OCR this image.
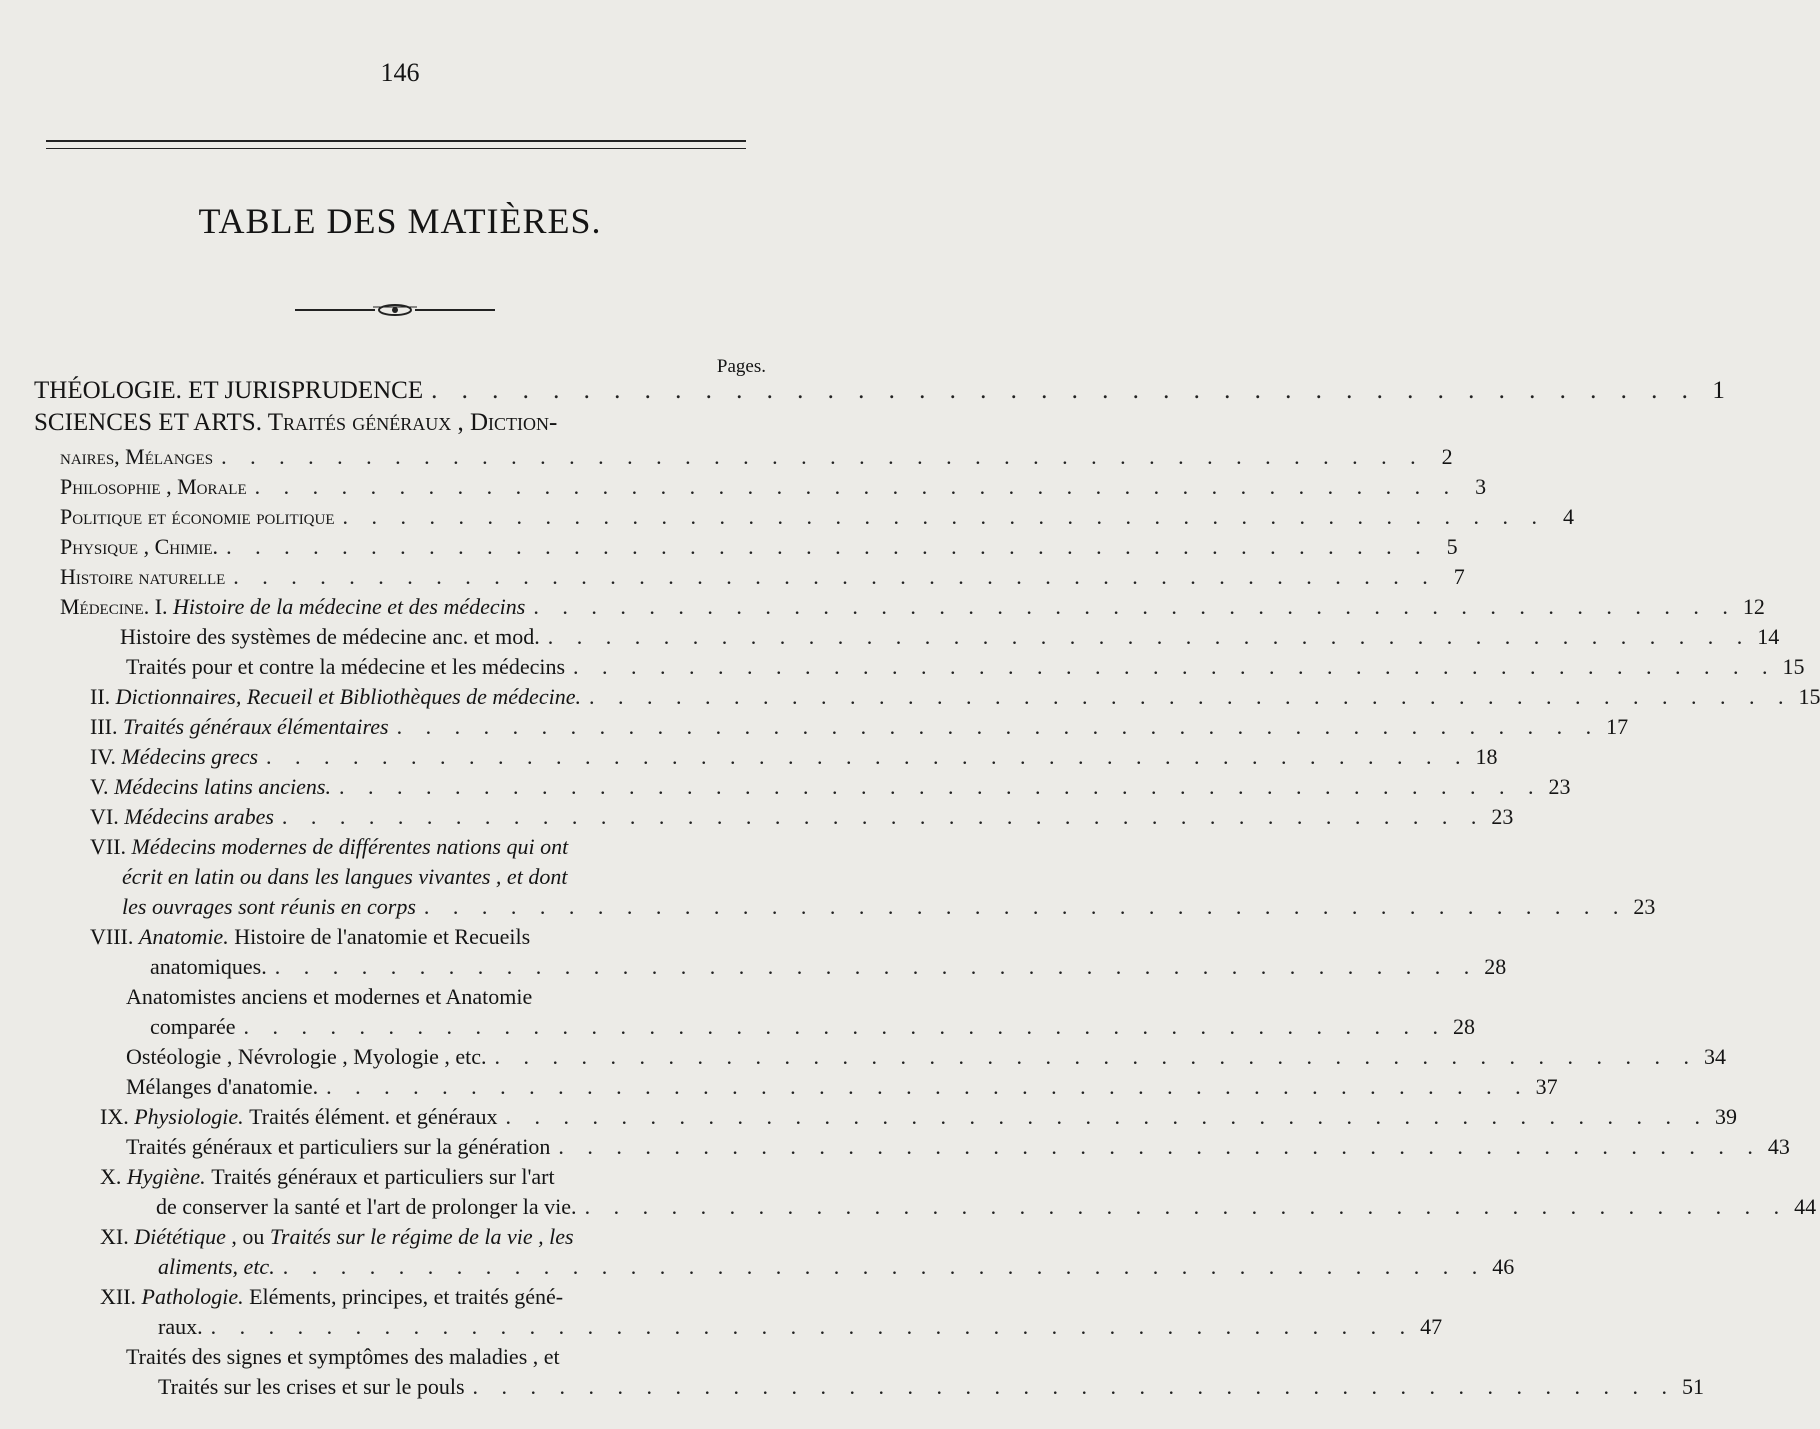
146
TABLE DES MATIÈRES.
Pages.
THÉOLOGIE. ET JURISPRUDENCE . . . . . . . . . . . . . . . . . . . . . . . . . . . . . . . . . . . . . . . . . . 1
SCIENCES ET ARTS. Traités généraux , Diction-
naires, Mélanges . . . . . . . . . . . . . . . . . . . . . . . . . . . . . . . . . . . . . . . . . . 2
Philosophie , Morale . . . . . . . . . . . . . . . . . . . . . . . . . . . . . . . . . . . . . . . . . . 3
Politique et économie politique . . . . . . . . . . . . . . . . . . . . . . . . . . . . . . . . . . . . . . . . . . 4
Physique , Chimie. . . . . . . . . . . . . . . . . . . . . . . . . . . . . . . . . . . . . . . . . . . 5
Histoire naturelle . . . . . . . . . . . . . . . . . . . . . . . . . . . . . . . . . . . . . . . . . . 7
Médecine. I.
Histoire de la médecine et des médecins . . . . . . . . . . . . . . . . . . . . . . . . . . . . . . . . . . . . . . . . . . 12
Histoire des systèmes de médecine anc. et mod. . . . . . . . . . . . . . . . . . . . . . . . . . . . . . . . . . . . . . . . . . . 14
Traités pour et contre la médecine et les médecins . . . . . . . . . . . . . . . . . . . . . . . . . . . . . . . . . . . . . . . . . . 15
II.
Dictionnaires, Recueil et Bibliothèques de médecine. . . . . . . . . . . . . . . . . . . . . . . . . . . . . . . . . . . . . . . . . . . 15
III.
Traités généraux élémentaires . . . . . . . . . . . . . . . . . . . . . . . . . . . . . . . . . . . . . . . . . . 17
IV.
Médecins grecs . . . . . . . . . . . . . . . . . . . . . . . . . . . . . . . . . . . . . . . . . . 18
V.
Médecins latins anciens. . . . . . . . . . . . . . . . . . . . . . . . . . . . . . . . . . . . . . . . . . . 23
VI.
Médecins arabes . . . . . . . . . . . . . . . . . . . . . . . . . . . . . . . . . . . . . . . . . . 23
VII.
Médecins modernes de différentes nations qui ont
écrit en latin ou dans les langues vivantes , et dont
les ouvrages sont réunis en corps . . . . . . . . . . . . . . . . . . . . . . . . . . . . . . . . . . . . . . . . . . 23
VIII.
Anatomie.
Histoire de l'anatomie et Recueils
anatomiques. . . . . . . . . . . . . . . . . . . . . . . . . . . . . . . . . . . . . . . . . . . 28
Anatomistes anciens et modernes et Anatomie
comparée . . . . . . . . . . . . . . . . . . . . . . . . . . . . . . . . . . . . . . . . . . 28
Ostéologie , Névrologie , Myologie , etc. . . . . . . . . . . . . . . . . . . . . . . . . . . . . . . . . . . . . . . . . . . 34
Mélanges d'anatomie. . . . . . . . . . . . . . . . . . . . . . . . . . . . . . . . . . . . . . . . . . . 37
IX.
Physiologie.
Traités élément. et généraux . . . . . . . . . . . . . . . . . . . . . . . . . . . . . . . . . . . . . . . . . . 39
Traités généraux et particuliers sur la génération . . . . . . . . . . . . . . . . . . . . . . . . . . . . . . . . . . . . . . . . . . 43
X.
Hygiène.
Traités généraux et particuliers sur l'art
de conserver la santé et l'art de prolonger la vie. . . . . . . . . . . . . . . . . . . . . . . . . . . . . . . . . . . . . . . . . . . 44
XI.
Diététique
, ou
Traités sur le régime de la vie , les
aliments, etc. . . . . . . . . . . . . . . . . . . . . . . . . . . . . . . . . . . . . . . . . . . 46
XII.
Pathologie.
Eléments, principes, et traités géné-
raux. . . . . . . . . . . . . . . . . . . . . . . . . . . . . . . . . . . . . . . . . . . 47
Traités des signes et symptômes des maladies , et
Traités sur les crises et sur le pouls . . . . . . . . . . . . . . . . . . . . . . . . . . . . . . . . . . . . . . . . . . 51
